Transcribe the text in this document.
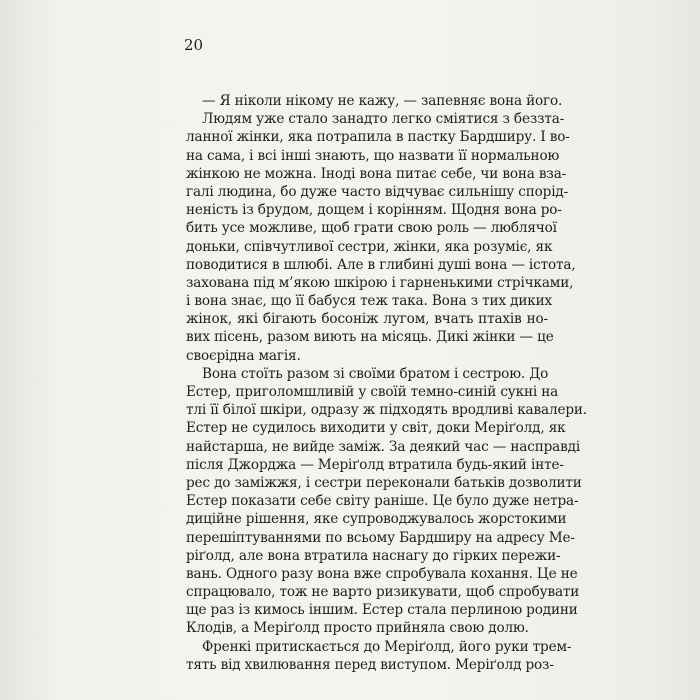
20
— Я ніколи нікому не кажу, — запевняє вона його.
Людям уже стало занадто легко сміятися з беззта-
ланної жінки, яка потрапила в пастку Бардширу. І во-
на сама, і всі інші знають, що назвати її нормальною
жінкою не можна. Іноді вона питає себе, чи вона вза-
галі людина, бо дуже часто відчуває сильнішу спорід-
неність із брудом, дощем і корінням. Щодня вона ро-
бить усе можливе, щоб грати свою роль — люблячої
доньки, співчутливої сестри, жінки, яка розуміє, як
поводитися в шлюбі. Але в глибині душі вона — істота,
захована під м’якою шкірою і гарненькими стрічками,
і вона знає, що її бабуся теж така. Вона з тих диких
жінок, які бігають босоніж лугом, вчать птахів но-
вих пісень, разом виють на місяць. Дикі жінки — це
своєрідна магія.
Вона стоїть разом зі своїми братом і сестрою. До
Естер, приголомшливій у своїй темно-синій сукні на
тлі її білої шкіри, одразу ж підходять вродливі кавалери.
Естер не судилось виходити у світ, доки Меріґолд, як
найстарша, не вийде заміж. За деякий час — насправді
після Джорджа — Меріґолд втратила будь-який інте-
рес до заміжжя, і сестри переконали батьків дозволити
Естер показати себе світу раніше. Це було дуже нетра-
диційне рішення, яке супроводжувалось жорстокими
перешіптуваннями по всьому Бардширу на адресу Ме-
ріґолд, але вона втратила наснагу до гірких пережи-
вань. Одного разу вона вже спробувала кохання. Це не
спрацювало, тож не варто ризикувати, щоб спробувати
ще раз із кимось іншим. Естер стала перлиною родини
Клодів, а Меріґолд просто прийняла свою долю.
Френкі притискається до Меріґолд, його руки трем-
тять від хвилювання перед виступом. Меріґолд роз-
